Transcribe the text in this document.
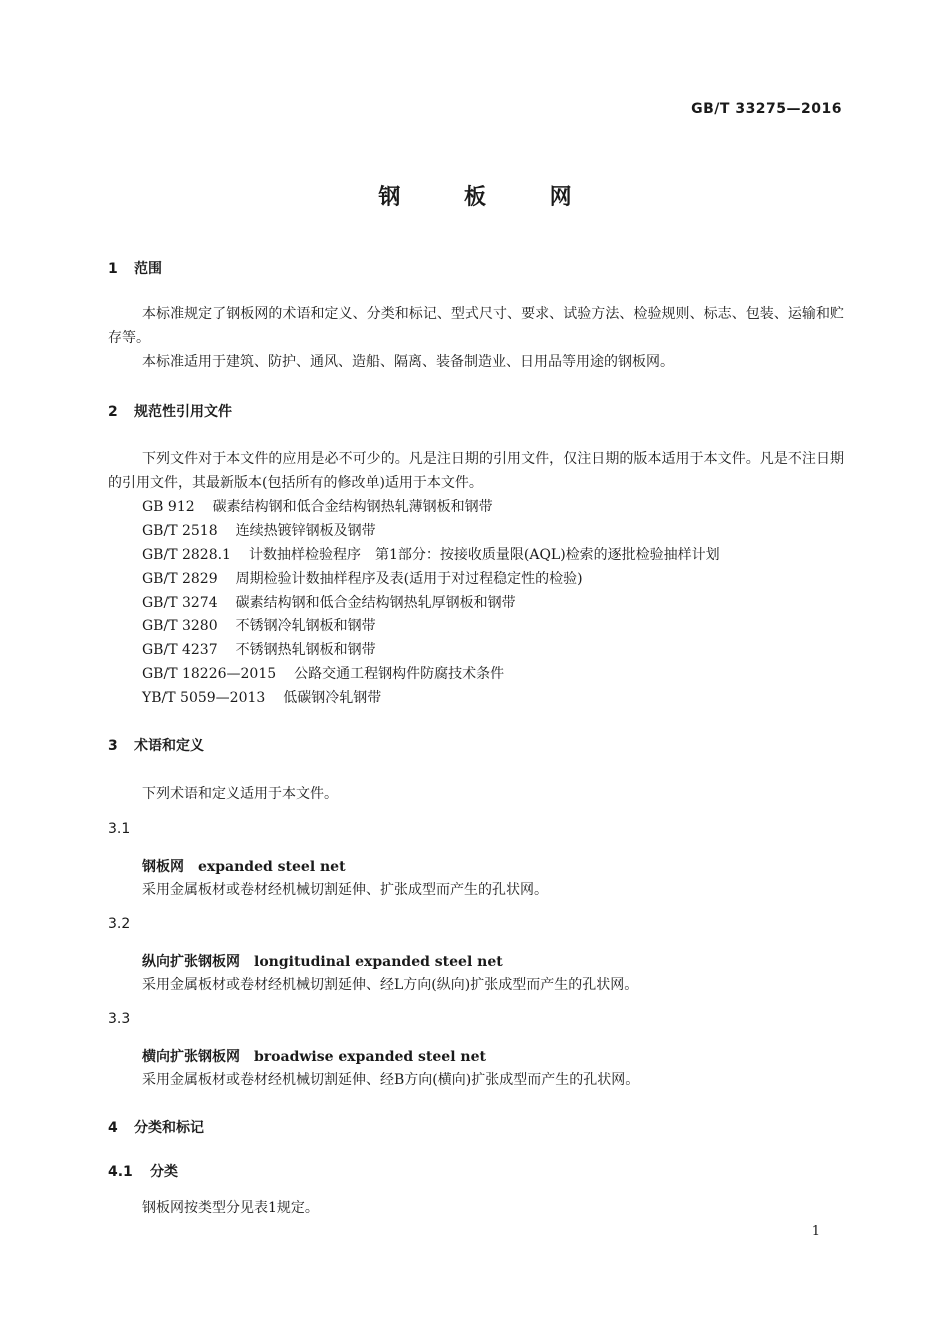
GB/T 33275—2016
钢 板 网
1 范围

本标准规定了钢板网的术语和定义、分类和标记、型式尺寸、要求、试验方法、检验规则、标志、包装、运输和贮存等。

本标准适用于建筑、防护、通风、造船、隔离、装备制造业、日用品等用途的钢板网。

2 规范性引用文件

下列文件对于本文件的应用是必不可少的。凡是注日期的引用文件，仅注日期的版本适用于本文件。凡是不注日期的引用文件，其最新版本(包括所有的修改单)适用于本文件。

GB 912 碳素结构钢和低合金结构钢热轧薄钢板和钢带
GB/T 2518 连续热镀锌钢板及钢带
GB/T 2828.1 计数抽样检验程序　第1部分：按接收质量限(AQL)检索的逐批检验抽样计划
GB/T 2829 周期检验计数抽样程序及表(适用于对过程稳定性的检验)
GB/T 3274 碳素结构钢和低合金结构钢热轧厚钢板和钢带
GB/T 3280 不锈钢冷轧钢板和钢带
GB/T 4237 不锈钢热轧钢板和钢带
GB/T 18226—2015 公路交通工程钢构件防腐技术条件
YB/T 5059—2013 低碳钢冷轧钢带
3 术语和定义

下列术语和定义适用于本文件。

3.1
钢板网 expanded steel net
采用金属板材或卷材经机械切割延伸、扩张成型而产生的孔状网。
3.2
纵向扩张钢板网 longitudinal expanded steel net
采用金属板材或卷材经机械切割延伸、经L方向(纵向)扩张成型而产生的孔状网。
3.3
横向扩张钢板网 broadwise expanded steel net
采用金属板材或卷材经机械切割延伸、经B方向(横向)扩张成型而产生的孔状网。
4 分类和标记
4.1 分类

钢板网按类型分见表1规定。

1
